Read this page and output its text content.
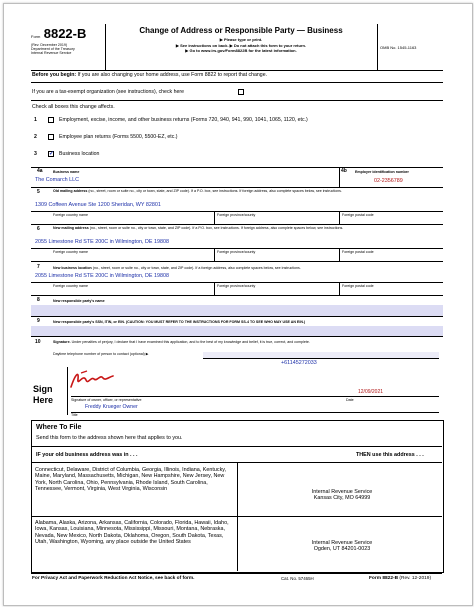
Form 8822-B
(Rev. December 2019)
Department of the Treasury
Internal Revenue Service
Change of Address or Responsible Party — Business
▶ Please type or print.
▶ See instructions on back. ▶ Do not attach this form to your return.
▶ Go to www.irs.gov/Form8822B for the latest information.
OMB No. 1545-1163
Before you begin: If you are also changing your home address, use Form 8822 to report that change.
If you are a tax-exempt organization (see instructions), check here
Check all boxes this change affects.
1	Employment, excise, income, and other business returns (Forms 720, 940, 941, 990, 1041, 1065, 1120, etc.)
2	Employee plan returns (Forms 5500, 5500-EZ, etc.)
3 ✓ Business location
4a	Business name
The Comarch LLC
4b Employer identification number
02-2356789
5	Old mailing address (no., street, room or suite no., city or town, state, and ZIP code). If a P.O. box, see instructions. If foreign address, also complete spaces below, see instructions.
1309 Coffeen Avenue Ste 1200 Sheridan, WY 82801
Foreign country name	Foreign province/county	Foreign postal code
6	New mailing address (no., street, room or suite no., city or town, state, and ZIP code). If a P.O. box, see instructions. If foreign address, also complete spaces below, see instructions.
2055 Limestone Rd STE 200C in Wilmington, DE 19808
Foreign country name	Foreign province/county	Foreign postal code
7	New business location (no., street, room or suite no., city or town, state, and ZIP code). If a foreign address, also complete spaces below, see instructions.
2055 Limestone Rd STE 200C in Wilmington, DE 19808
Foreign country name	Foreign province/county	Foreign postal code
8	New responsible party's name
9	New responsible party's SSN, ITIN, or EIN. (CAUTION: YOU MUST REFER TO THE INSTRUCTIONS FOR FORM SS-4 TO SEE WHO MAY USE AN EIN.)
10	Signature. Under penalties of perjury, I declare that I have examined this application, and to the best of my knowledge and belief, it is true, correct, and complete.
Daytime telephone number of person to contact (optional) ▶
+61145272033
Sign
Here
12/09/2021
Signature of owner, officer, or representative	Date
Freddy Krueger Owner
Title
Where To File
Send this form to the address shown here that applies to you.
IF your old business address was in . . .	THEN use this address . . .
Connecticut, Delaware, District of Columbia, Georgia, Illinois, Indiana, Kentucky, Maine, Maryland, Massachusetts, Michigan, New Hampshire, New Jersey, New York, North Carolina, Ohio, Pennsylvania, Rhode Island, South Carolina, Tennessee, Vermont, Virginia, West Virginia, Wisconsin	Internal Revenue Service
Kansas City, MO 64999
Alabama, Alaska, Arizona, Arkansas, California, Colorado, Florida, Hawaii, Idaho, Iowa, Kansas, Louisiana, Minnesota, Mississippi, Missouri, Montana, Nebraska, Nevada, New Mexico, North Dakota, Oklahoma, Oregon, South Dakota, Texas, Utah, Washington, Wyoming, any place outside the United States	Internal Revenue Service
Ogden, UT 84201-0023
For Privacy Act and Paperwork Reduction Act Notice, see back of form.	Cat. No. 57465H	Form 8822-B (Rev. 12-2019)
